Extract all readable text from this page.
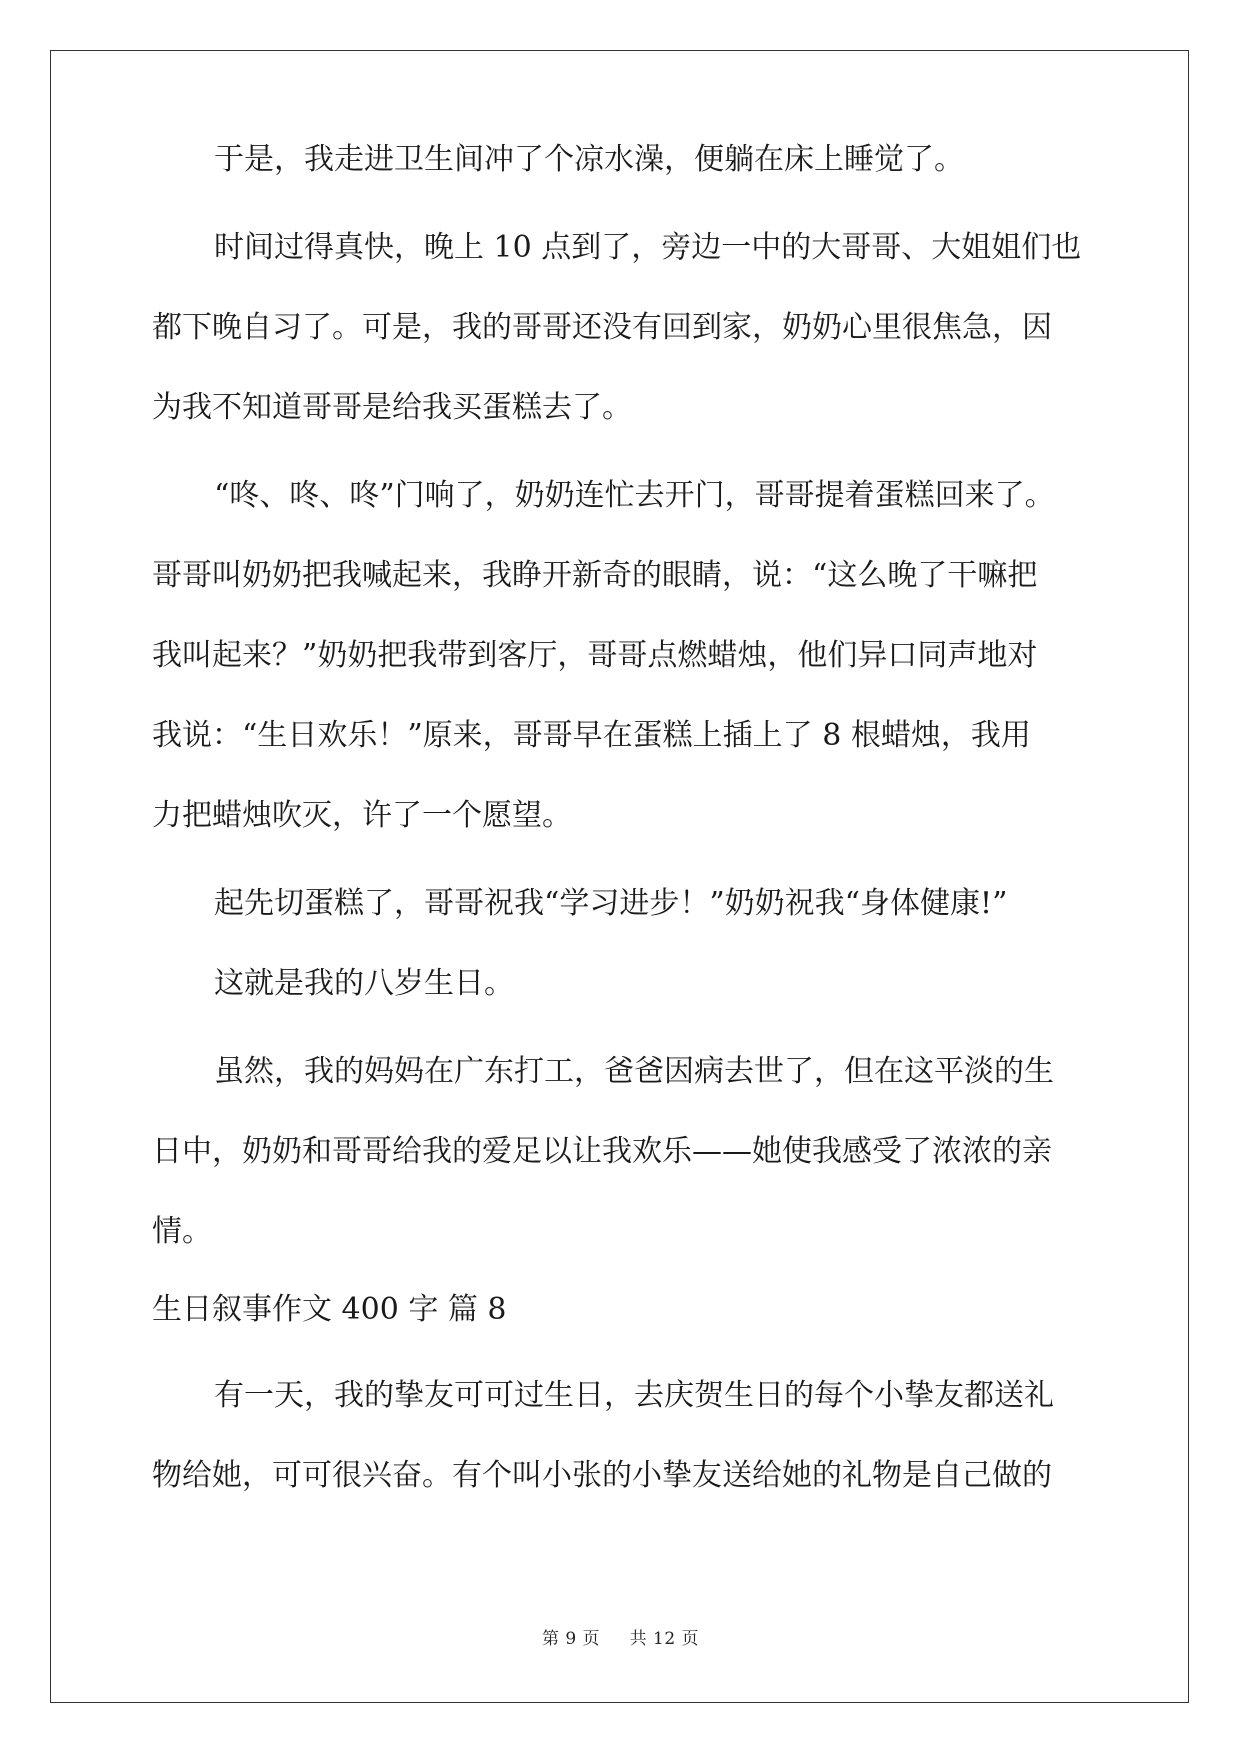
于是，我走进卫生间冲了个凉水澡，便躺在床上睡觉了。
时间过得真快，晚上 10 点到了，旁边一中的大哥哥、大姐姐们也
都下晚自习了。可是，我的哥哥还没有回到家，奶奶心里很焦急，因
为我不知道哥哥是给我买蛋糕去了。
“咚、咚、咚”门响了，奶奶连忙去开门，哥哥提着蛋糕回来了。
哥哥叫奶奶把我喊起来，我睁开新奇的眼睛，说：“这么晚了干嘛把
我叫起来？”奶奶把我带到客厅，哥哥点燃蜡烛，他们异口同声地对
我说：“生日欢乐！”原来，哥哥早在蛋糕上插上了 8 根蜡烛，我用
力把蜡烛吹灭，许了一个愿望。
起先切蛋糕了，哥哥祝我“学习进步！”奶奶祝我“身体健康!”
这就是我的八岁生日。
虽然，我的妈妈在广东打工，爸爸因病去世了，但在这平淡的生
日中，奶奶和哥哥给我的爱足以让我欢乐——她使我感受了浓浓的亲
情。
生日叙事作文 400 字 篇 8
有一天，我的挚友可可过生日，去庆贺生日的每个小挚友都送礼
物给她，可可很兴奋。有个叫小张的小挚友送给她的礼物是自己做的
第 9 页 共 12 页
